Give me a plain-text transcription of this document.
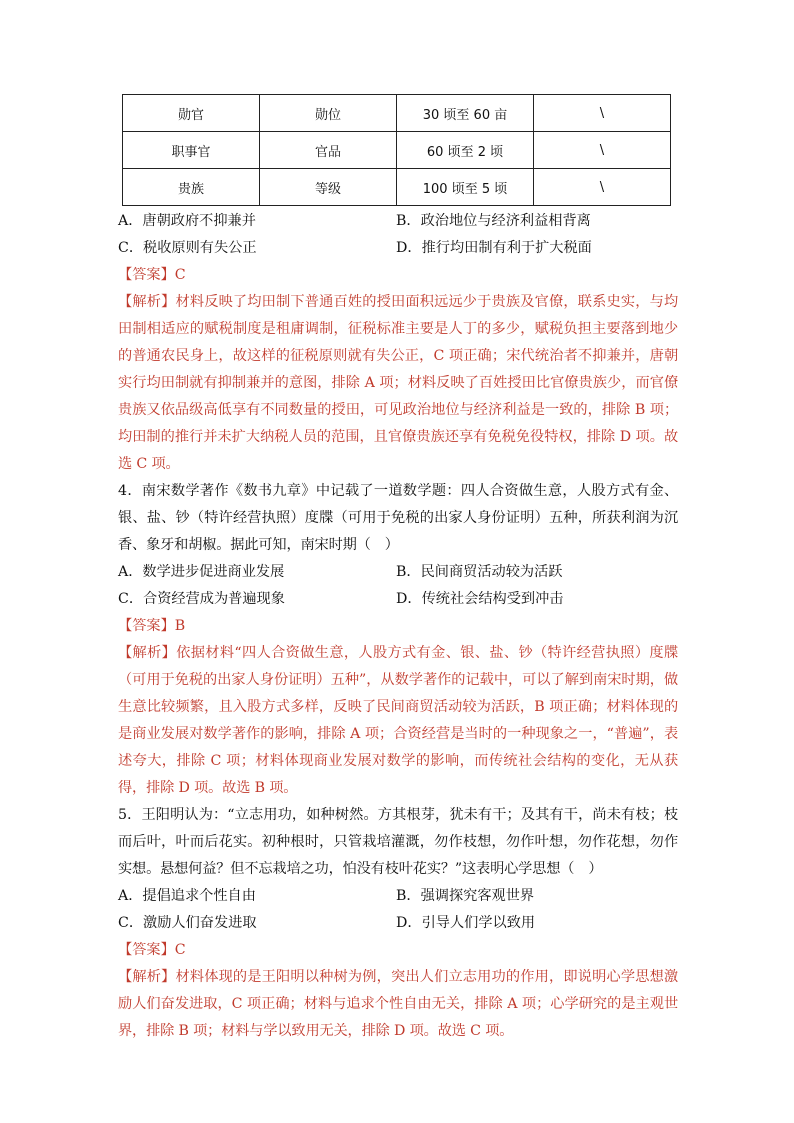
勋官	勋位	30 顷至 60 亩	\
职事官	官品	60 顷至 2 顷	\
贵族	等级	100 顷至 5 顷	\
A．唐朝政府不抑兼并	B．政治地位与经济利益相背离
C．税收原则有失公正	D．推行均田制有利于扩大税面
【答案】C
【解析】材料反映了均田制下普通百姓的授田面积远远少于贵族及官僚，联系史实，与均田制相适应的赋税制度是租庸调制，征税标准主要是人丁的多少，赋税负担主要落到地少的普通农民身上，故这样的征税原则就有失公正，C 项正确；宋代统治者不抑兼并，唐朝实行均田制就有抑制兼并的意图，排除 A 项；材料反映了百姓授田比官僚贵族少，而官僚贵族又依品级高低享有不同数量的授田，可见政治地位与经济利益是一致的，排除 B 项；均田制的推行并未扩大纳税人员的范围，且官僚贵族还享有免税免役特权，排除 D 项。故选 C 项。
4．南宋数学著作《数书九章》中记载了一道数学题：四人合资做生意，人股方式有金、银、盐、钞（特许经营执照）度牒（可用于免税的出家人身份证明）五种，所获利润为沉香、象牙和胡椒。据此可知，南宋时期（　）
A．数学进步促进商业发展	B．民间商贸活动较为活跃
C．合资经营成为普遍现象	D．传统社会结构受到冲击
【答案】B
【解析】依据材料“四人合资做生意，人股方式有金、银、盐、钞（特许经营执照）度牒（可用于免税的出家人身份证明）五种”，从数学著作的记载中，可以了解到南宋时期，做生意比较频繁，且入股方式多样，反映了民间商贸活动较为活跃，B 项正确；材料体现的是商业发展对数学著作的影响，排除 A 项；合资经营是当时的一种现象之一，“普遍”，表述夸大，排除 C 项；材料体现商业发展对数学的影响，而传统社会结构的变化，无从获得，排除 D 项。故选 B 项。
5．王阳明认为：“立志用功，如种树然。方其根芽，犹未有干；及其有干，尚未有枝；枝而后叶，叶而后花实。初种根时，只管栽培灌溉，勿作枝想，勿作叶想，勿作花想，勿作实想。悬想何益？但不忘栽培之功，怕没有枝叶花实？”这表明心学思想（　）
A．提倡追求个性自由	B．强调探究客观世界
C．激励人们奋发进取	D．引导人们学以致用
【答案】C
【解析】材料体现的是王阳明以种树为例，突出人们立志用功的作用，即说明心学思想激励人们奋发进取，C 项正确；材料与追求个性自由无关，排除 A 项；心学研究的是主观世界，排除 B 项；材料与学以致用无关，排除 D 项。故选 C 项。
